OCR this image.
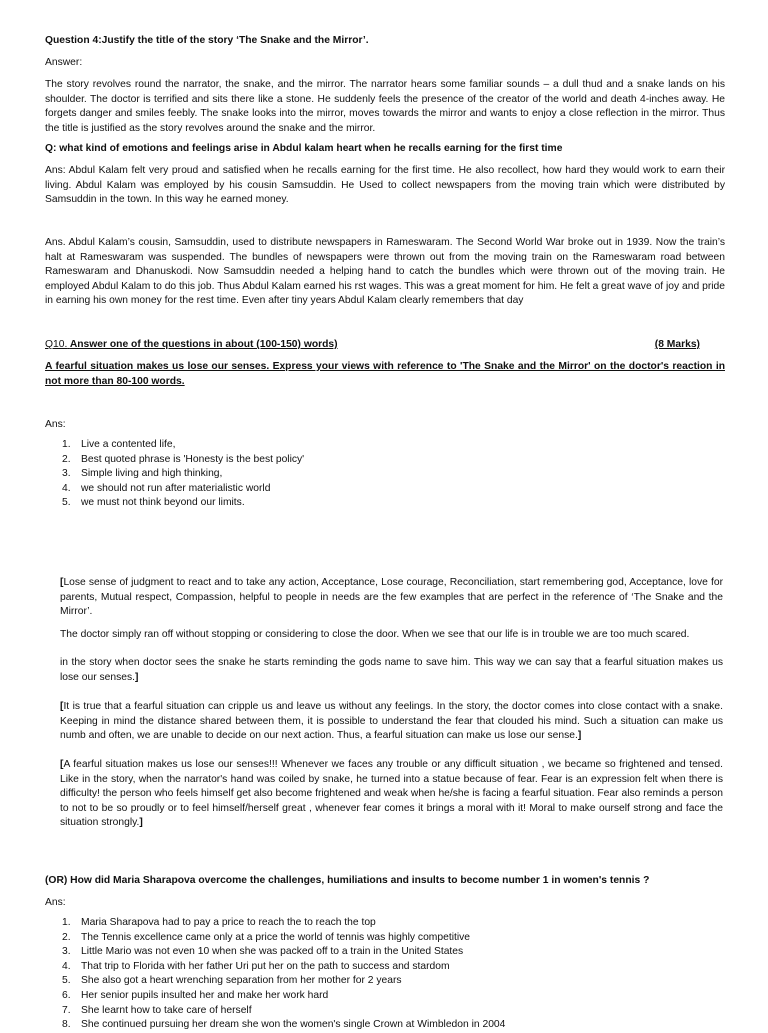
Question 4:Justify the title of the story ‘The Snake and the Mirror’.

Answer:

The story revolves round the narrator, the snake, and the mirror. The narrator hears some familiar sounds – a dull thud and a snake lands on his shoulder. The doctor is terrified and sits there like a stone. He suddenly feels the presence of the creator of the world and death 4-inches away. He forgets danger and smiles feebly. The snake looks into the mirror, moves towards the mirror and wants to enjoy a close reflection in the mirror. Thus the title is justified as the story revolves around the snake and the mirror.

Q: what kind of emotions and feelings arise in Abdul kalam heart when he recalls earning for the first time

Ans: Abdul Kalam felt very proud and satisfied when he recalls earning for the first time. He also recollect, how hard they would work to earn their living. Abdul Kalam was employed by his cousin Samsuddin. He Used to collect newspapers from the moving train which were distributed by Samsuddin in the town. In this way he earned money.

Ans. Abdul Kalam’s cousin, Samsuddin, used to distribute newspapers in Rameswaram. The Second World War broke out in 1939. Now the train’s halt at Rameswaram was suspended. The bundles of newspapers were thrown out from the moving train on the Rameswaram road between Rameswaram and Dhanuskodi. Now Samsuddin needed a helping hand to catch the bundles which were thrown out of the moving train. He employed Abdul Kalam to do this job. Thus Abdul Kalam earned his rst wages. This was a great moment for him. He felt a great wave of joy and pride in earning his own money for the rest time. Even after tiny years Abdul Kalam clearly remembers that day

Q10. Answer one of the questions in about (100-150) words)	(8 Marks)

A fearful situation makes us lose our senses. Express your views with reference to 'The Snake and the Mirror' on the doctor's reaction in not more than 80-100 words.

Ans:

1. Live a contented life,
2. Best quoted phrase is 'Honesty is the best policy'
3. Simple living and high thinking,
4. we should not run after materialistic world
5. we must not think beyond our limits.

[Lose sense of judgment to react and to take any action, Acceptance, Lose courage, Reconciliation, start remembering god, Acceptance, love for parents, Mutual respect, Compassion, helpful to people in needs are the few examples that are perfect in the reference of ‘The Snake and the Mirror’.

The doctor simply ran off without stopping or considering to close the door. When we see that our life is in trouble we are too much scared.

in the story when doctor sees the snake he starts reminding the gods name to save him. This way we can say that a fearful situation makes us lose our senses.]

[It is true that a fearful situation can cripple us and leave us without any feelings. In the story, the doctor comes into close contact with a snake. Keeping in mind the distance shared between them, it is possible to understand the fear that clouded his mind. Such a situation can make us numb and often, we are unable to decide on our next action. Thus, a fearful situation can make us lose our sense.]

[A fearful situation makes us lose our senses!!! Whenever we faces any trouble or any difficult situation , we became so frightened and tensed. Like in the story, when the narrator's hand was coiled by snake, he turned into a statue because of fear. Fear is an expression felt when there is difficulty! the person who feels himself get also become frightened and weak when he/she is facing a fearful situation. Fear also reminds a person to not to be so proudly or to feel himself/herself great , whenever fear comes it brings a moral with it! Moral to make ourself strong and face the situation strongly.]

(OR) How did Maria Sharapova overcome the challenges, humiliations and insults to become number 1 in women's tennis ?

Ans:

1. Maria Sharapova had to pay a price to reach the to reach the top
2. The Tennis excellence came only at a price the world of tennis was highly competitive
3. Little Mario was not even 10 when she was packed off to a train in the United States
4. That trip to Florida with her father Uri put her on the path to success and stardom
5. She also got a heart wrenching separation from her mother for 2 years
6. Her senior pupils insulted her and make her work hard
7. She learnt how to take care of herself
8. She continued pursuing her dream she won the women's single Crown at Wimbledon in 2004
